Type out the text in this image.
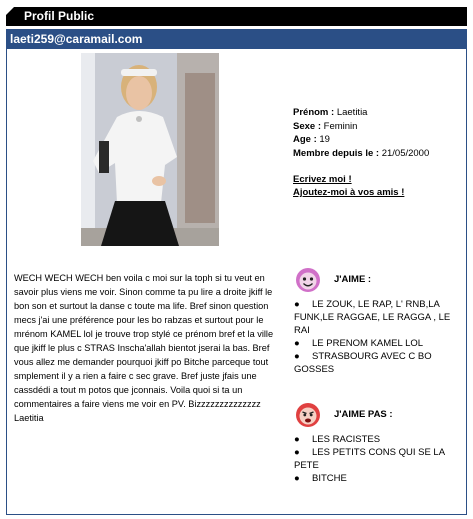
Profil Public
laeti259@caramail.com
Prénom : Laetitia
Sexe : Feminin
Age : 19
Membre depuis le : 21/05/2000
Ecrivez moi !
Ajoutez-moi à vos amis !
WECH WECH WECH ben voila c moi sur la toph si tu veut en savoir plus viens me voir. Sinon comme ta pu lire a droite jkiff le bon son et surtout la danse c toute ma life. Bref sinon question mecs j'ai une préférence pour les bo rabzas et surtout pour le mrénom KAMEL lol je trouve trop stylé ce prénom bref et la ville que jkiff le plus c STRAS Inscha'allah bientot jserai la bas. Bref vous allez me demander pourquoi jkiff po Bitche parceque tout smplement il y a rien a faire c sec grave. Bref juste jfais une cassdédi a tout m potos que jconnais. Voila quoi si ta un commentaires a faire viens me voir en PV. Bizzzzzzzzzzzzzz Laetitia
J'AIME :
● LE ZOUK, LE RAP, L' RNB,LA FUNK,LE RAGGAE, LE RAGGA , LE RAI
● LE PRENOM KAMEL LOL
● STRASBOURG AVEC C BO GOSSES
J'AIME PAS :
● LES RACISTES
● LES PETITS CONS QUI SE LA PETE
● BITCHE
